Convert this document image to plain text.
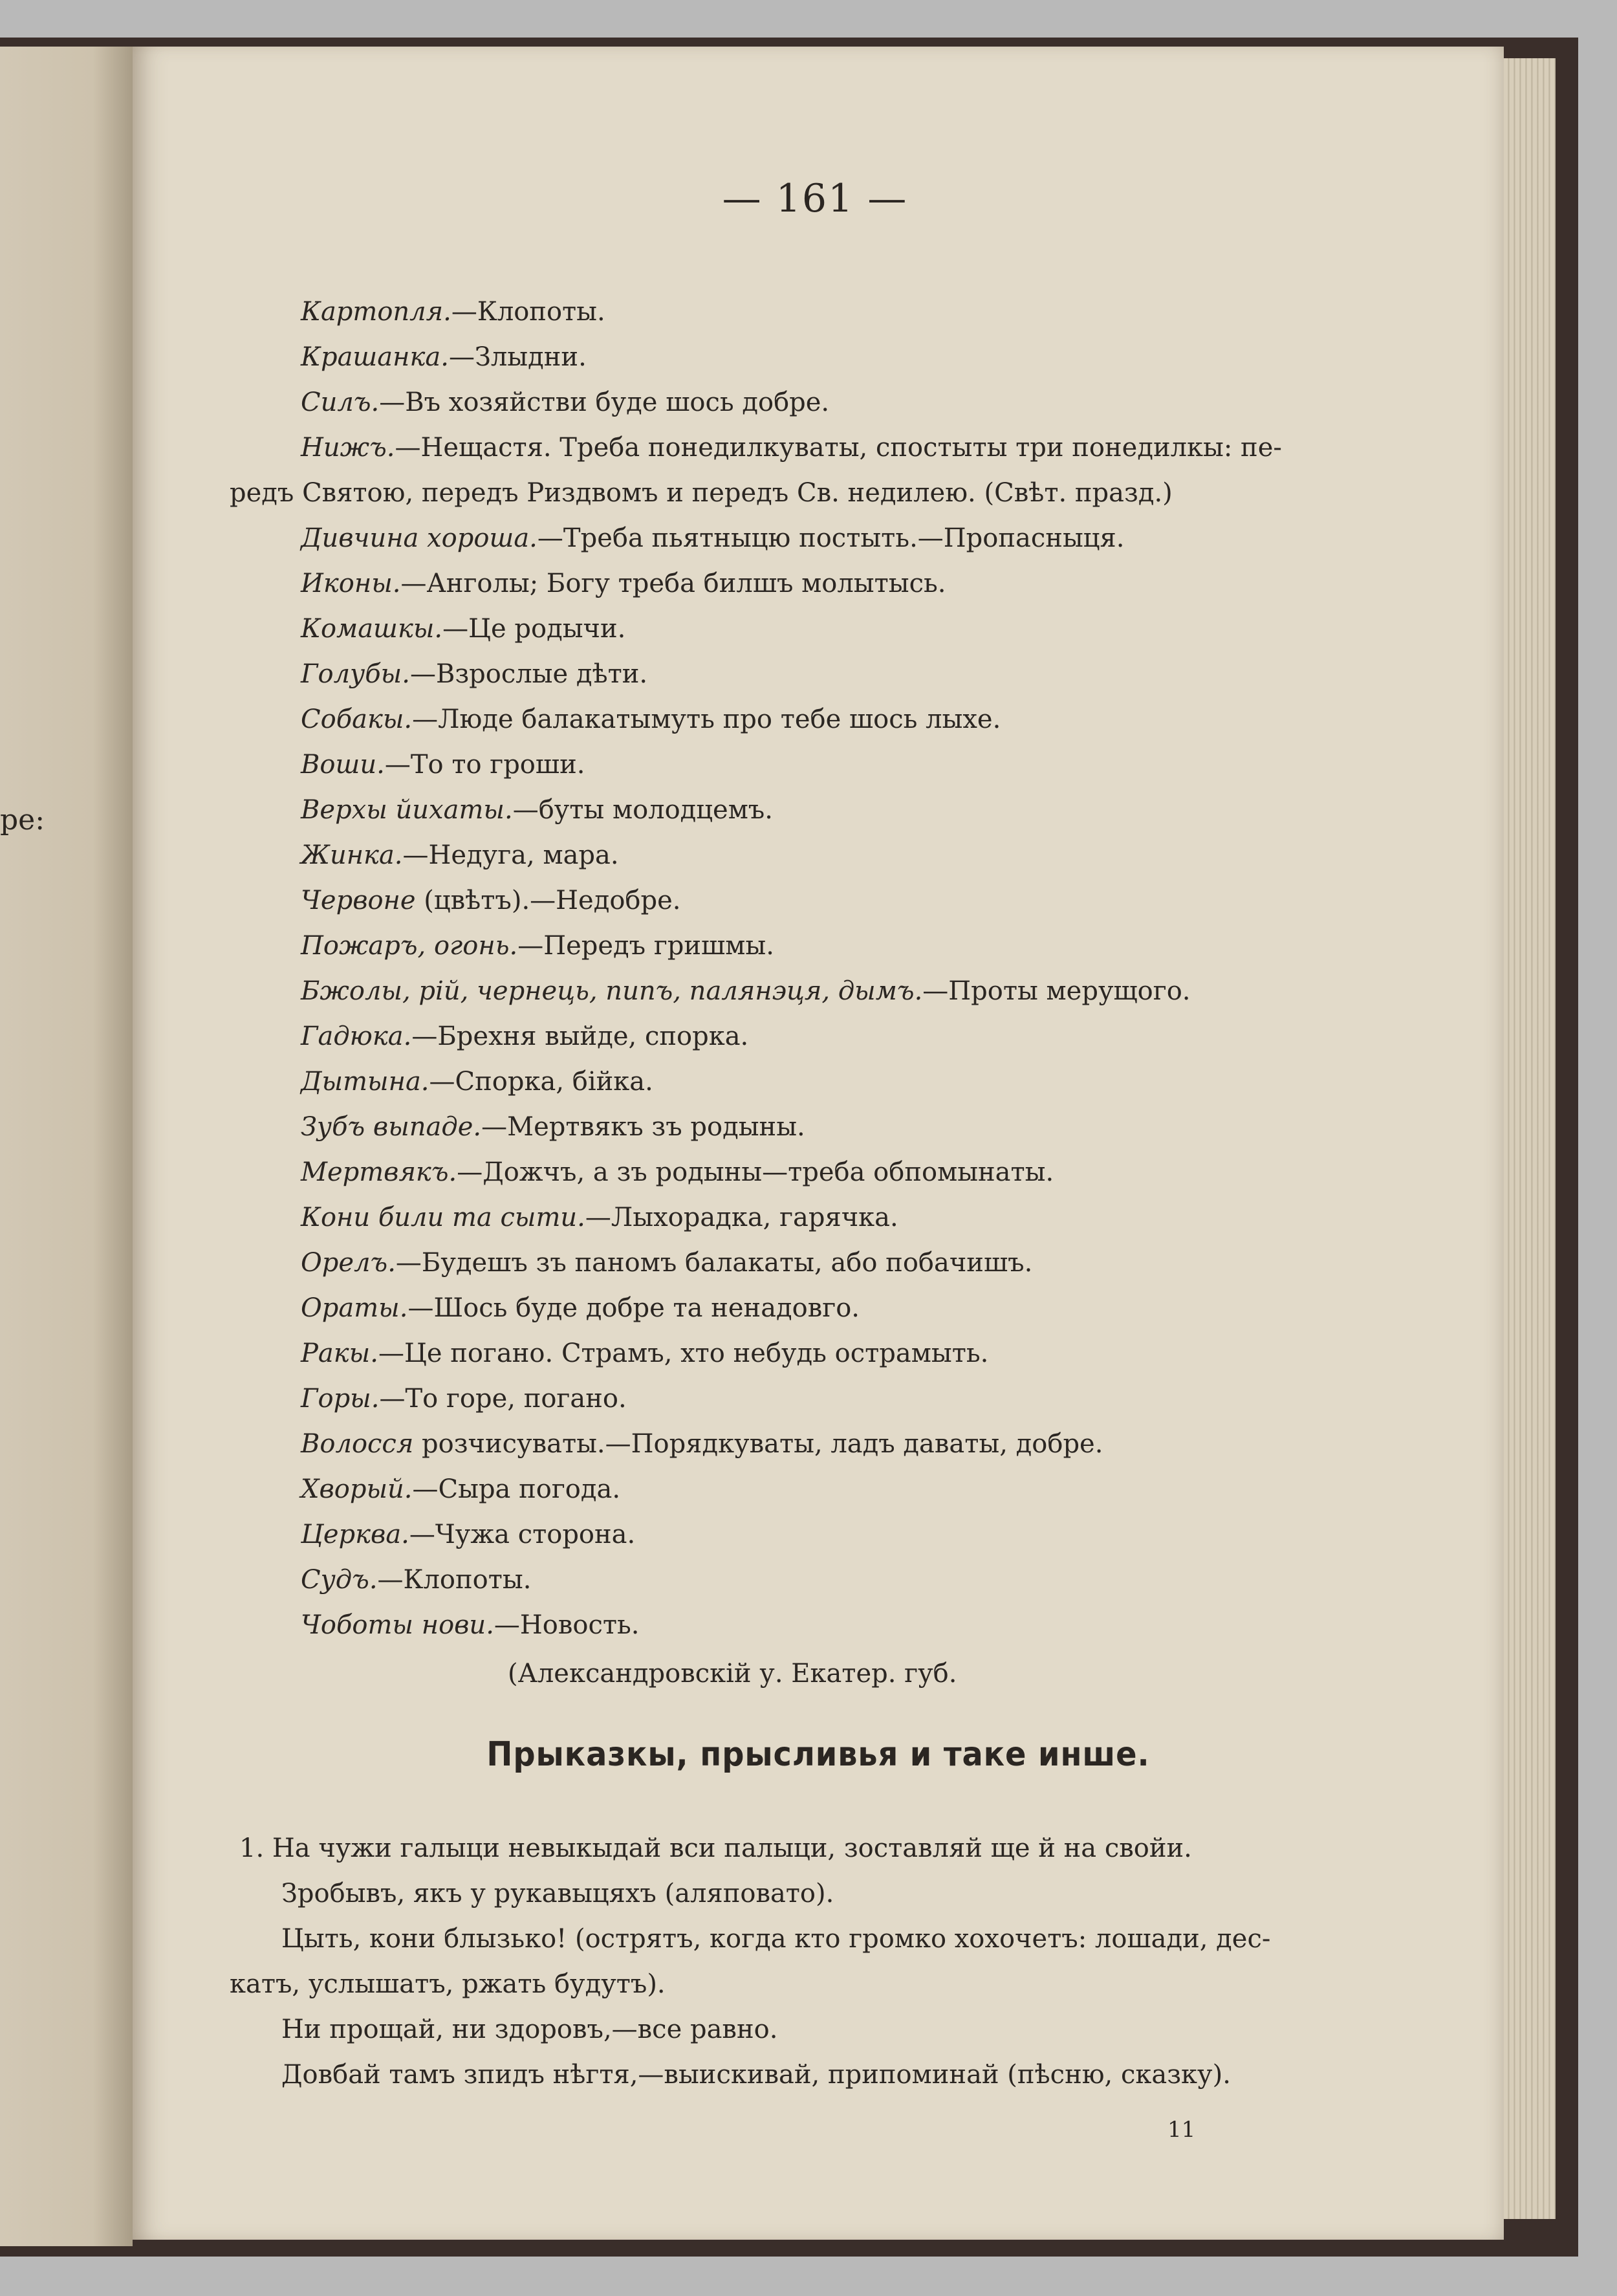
pe:
— 161 —
Картопля.—Клопоты.
Крашанка.—Злыдни.
Силъ.—Въ хозяйстви буде шось добре.
Нижъ.—Нещастя. Треба понедилкуваты, спостыты три понедилкы: пе-
редъ Святою, передъ Риздвомъ и передъ Св. недилею. (Свѣт. празд.)
Дивчина хороша.—Треба пьятныцю постыть.—Пропасныця.
Иконы.—Анголы; Богу треба билшъ молытысь.
Комашкы.—Це родычи.
Голубы.—Взрослые дѣти.
Собакы.—Люде балакатымуть про тебе шось лыхе.
Воши.—То то гроши.
Верхы йихаты.—буты молодцемъ.
Жинка.—Недуга, мара.
Червоне (цвѣтъ).—Недобре.
Пожаръ, огонь.—Передъ гришмы.
Бжолы, рій, чернець, пипъ, палянэця, дымъ.—Проты мерущого.
Гадюка.—Брехня выйде, спорка.
Дытына.—Спорка, бійка.
Зубъ выпаде.—Мертвякъ зъ родыны.
Мертвякъ.—Дожчъ, а зъ родыны—треба обпомынаты.
Кони били та сыти.—Лыхорадка, гарячка.
Орелъ.—Будешъ зъ паномъ балакаты, або побачишъ.
Ораты.—Шось буде добре та ненадовго.
Ракы.—Це погано. Страмъ, хто небудь острамыть.
Горы.—То горе, погано.
Волосся розчисуваты.—Порядкуваты, ладъ даваты, добре.
Хворый.—Сыра погода.
Церква.—Чужа сторона.
Судъ.—Клопоты.
Чоботы нови.—Новость.
(Александровскій у. Екатер. губ.
Прыказкы, прысливья и таке инше.
1. На чужи галыци невыкыдай вси палыци, зоставляй ще й на свойи.
Зробывъ, якъ у рукавыцяхъ (аляповато).
Цыть, кони блызько! (острятъ, когда кто громко хохочетъ: лошади, дес-
катъ, услышатъ, ржать будутъ).
Ни прощай, ни здоровъ,—все равно.
Довбай тамъ зпидъ нѣгтя,—выискивай, припоминай (пѣсню, сказку).
11
